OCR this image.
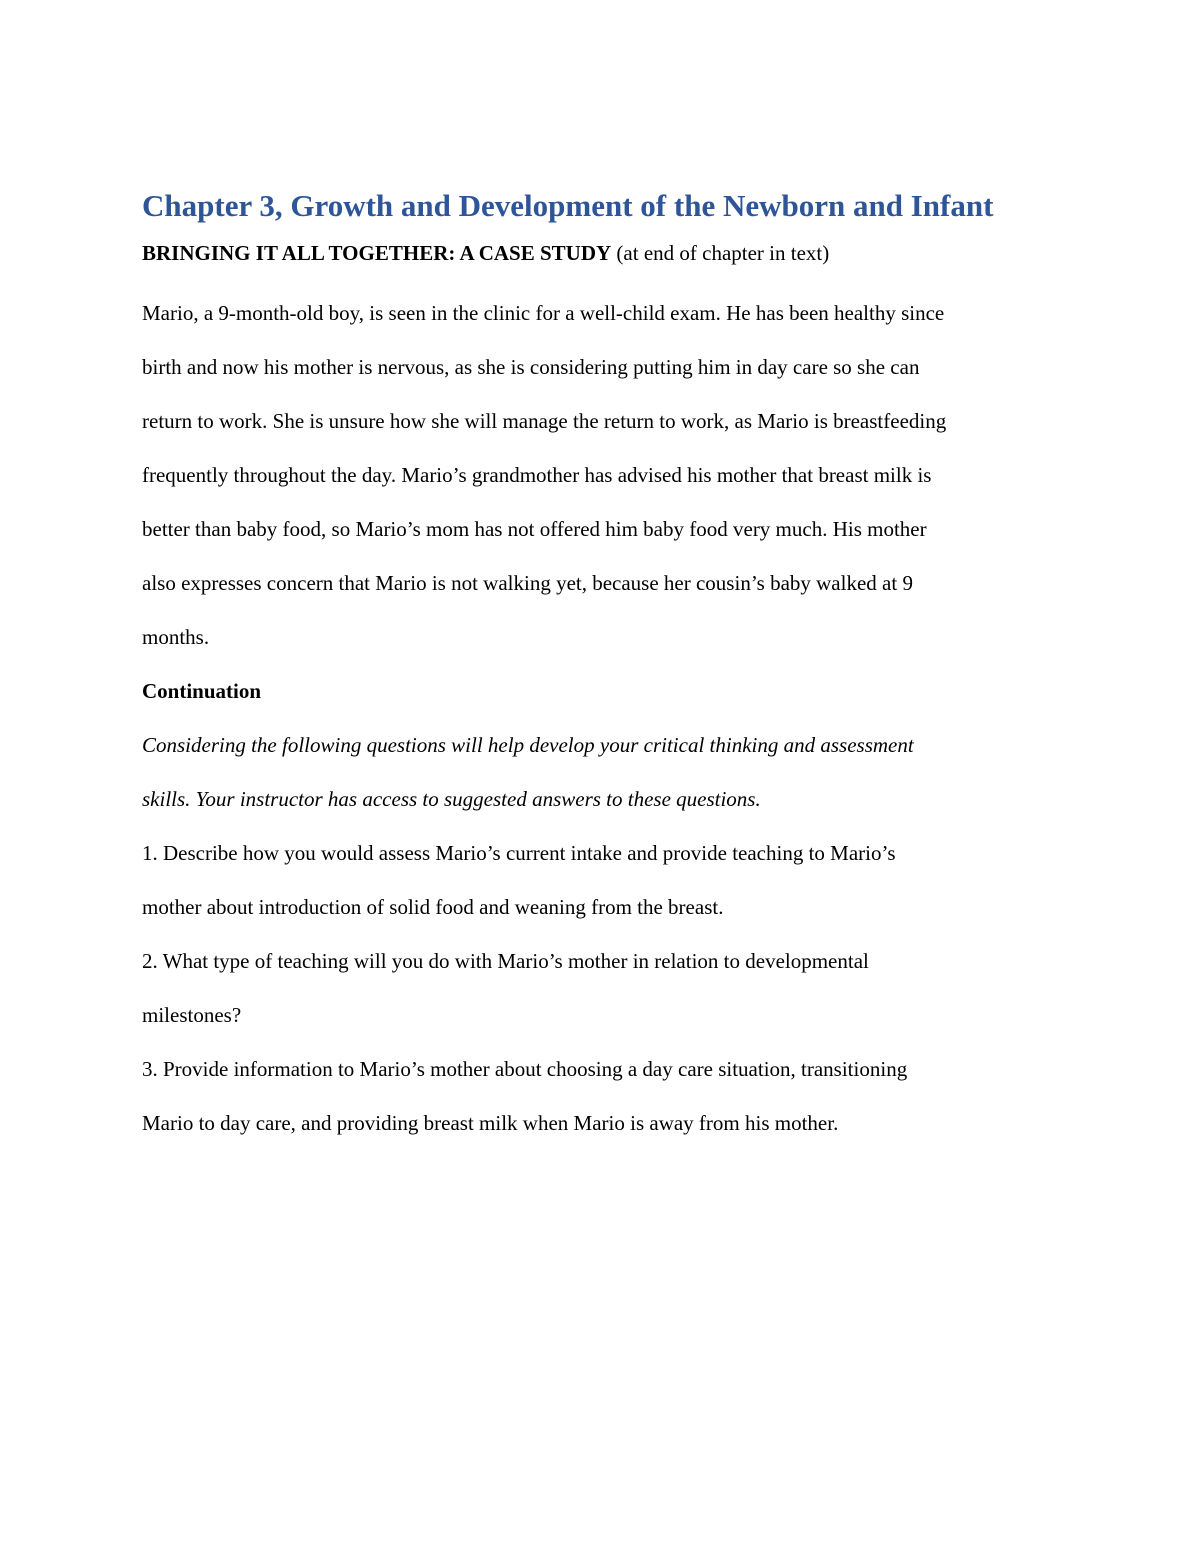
Chapter 3, Growth and Development of the Newborn and Infant

BRINGING IT ALL TOGETHER: A CASE STUDY (at end of chapter in text)

Mario, a 9-month-old boy, is seen in the clinic for a well-child exam. He has been healthy since
birth and now his mother is nervous, as she is considering putting him in day care so she can
return to work. She is unsure how she will manage the return to work, as Mario is breastfeeding
frequently throughout the day. Mario’s grandmother has advised his mother that breast milk is
better than baby food, so Mario’s mom has not offered him baby food very much. His mother
also expresses concern that Mario is not walking yet, because her cousin’s baby walked at 9
months.

Continuation

Considering the following questions will help develop your critical thinking and assessment
skills. Your instructor has access to suggested answers to these questions.

1. Describe how you would assess Mario’s current intake and provide teaching to Mario’s
mother about introduction of solid food and weaning from the breast.

2. What type of teaching will you do with Mario’s mother in relation to developmental
milestones?

3. Provide information to Mario’s mother about choosing a day care situation, transitioning
Mario to day care, and providing breast milk when Mario is away from his mother.
